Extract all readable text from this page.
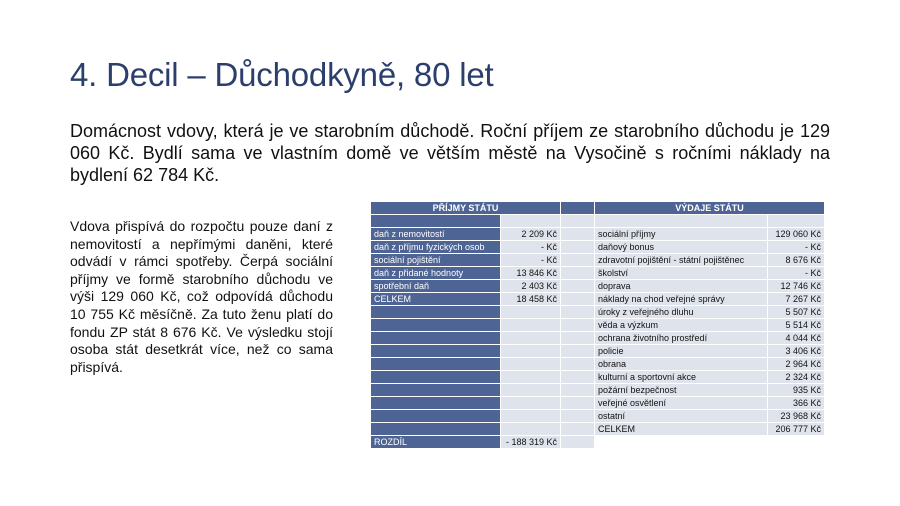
4. Decil – Důchodkyně, 80 let

Domácnost vdovy, která je ve starobním důchodě. Roční příjem ze starobního důchodu je 129 060 Kč. Bydlí sama ve vlastním domě ve větším městě na Vysočině s ročními náklady na bydlení 62 784 Kč.

Vdova přispívá do rozpočtu pouze daní z nemovitostí a nepřímými daněni, které odvádí v rámci spotřeby. Čerpá sociální příjmy ve formě starobního důchodu ve výši 129 060 Kč, což odpovídá důchodu 10 755 Kč měsíčně. Za tuto ženu platí do fondu ZP stát 8 676 Kč. Ve výsledku stojí osoba stát desetkrát více, než co sama přispívá.

PŘÍJMY STÁTU			VÝDAJE STÁTU	

daň z nemovitostí	2 209 Kč		sociální příjmy	129 060 Kč
daň z příjmu fyzických osob	- Kč		daňový bonus	- Kč
sociální pojištění	- Kč		zdravotní pojištění - státní pojištěnec	8 676 Kč
daň z přidané hodnoty	13 846 Kč		školství	- Kč
spotřební daň	2 403 Kč		doprava	12 746 Kč
CELKEM	18 458 Kč		náklady na chod veřejné správy	7 267 Kč
			úroky z veřejného dluhu	5 507 Kč
			věda a výzkum	5 514 Kč
			ochrana životního prostředí	4 044 Kč
			policie	3 406 Kč
			obrana	2 964 Kč
			kulturní a sportovní akce	2 324 Kč
			požární bezpečnost	935 Kč
			veřejné osvětlení	366 Kč
			ostatní	23 968 Kč
			CELKEM	206 777 Kč
ROZDÍL	- 188 319 Kč			
